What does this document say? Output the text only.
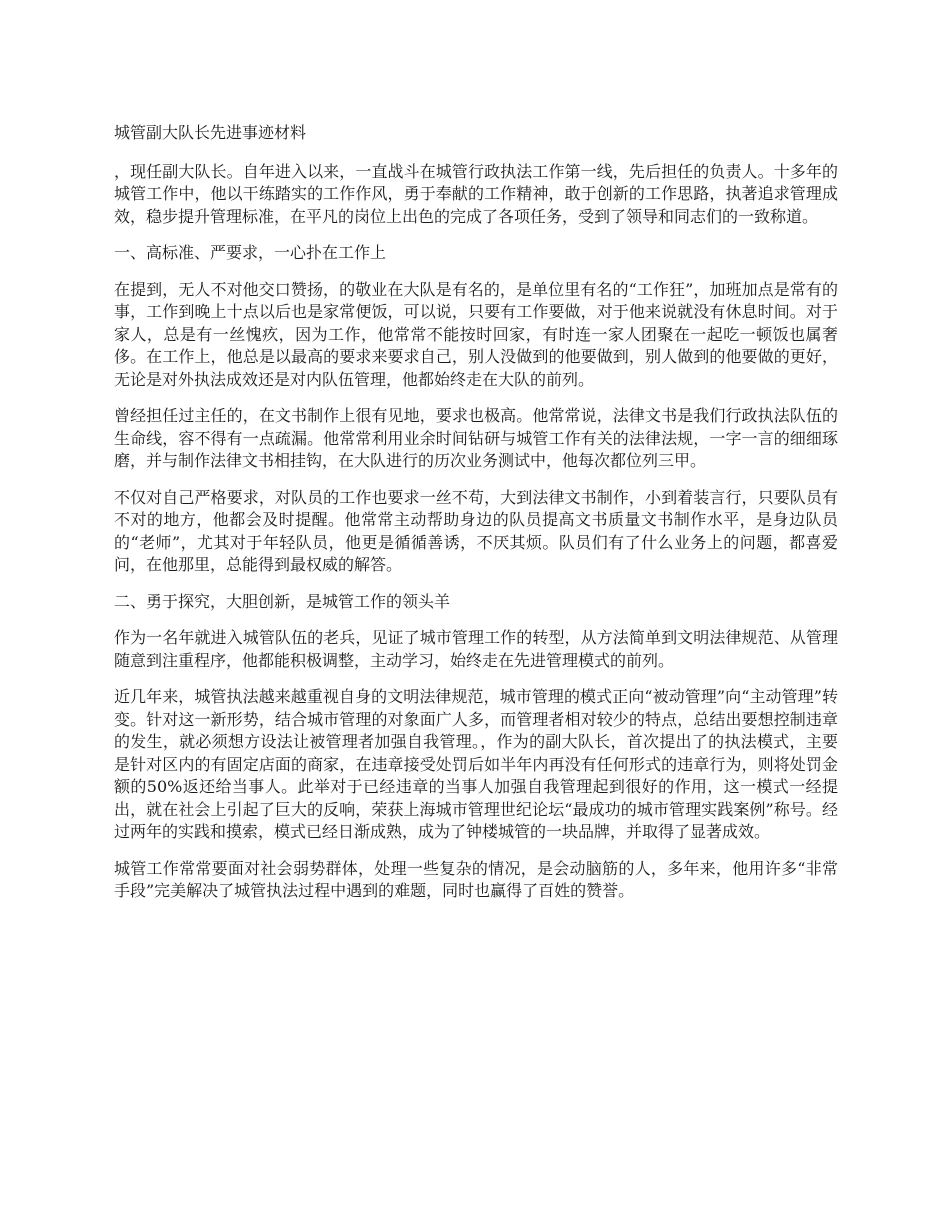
城管副大队长先进事迹材料

，现任副大队长。自年进入以来，一直战斗在城管行政执法工作第一线，先后担任的负责人。十多年的城管工作中，他以干练踏实的工作作风，勇于奉献的工作精神，敢于创新的工作思路，执著追求管理成效，稳步提升管理标准，在平凡的岗位上出色的完成了各项任务，受到了领导和同志们的一致称道。

一、高标准、严要求，一心扑在工作上

在提到，无人不对他交口赞扬，的敬业在大队是有名的，是单位里有名的“工作狂”，加班加点是常有的事，工作到晚上十点以后也是家常便饭，可以说，只要有工作要做，对于他来说就没有休息时间。对于家人，总是有一丝愧疚，因为工作，他常常不能按时回家，有时连一家人团聚在一起吃一顿饭也属奢侈。在工作上，他总是以最高的要求来要求自己，别人没做到的他要做到，别人做到的他要做的更好，无论是对外执法成效还是对内队伍管理，他都始终走在大队的前列。

曾经担任过主任的，在文书制作上很有见地，要求也极高。他常常说，法律文书是我们行政执法队伍的生命线，容不得有一点疏漏。他常常利用业余时间钻研与城管工作有关的法律法规，一字一言的细细琢磨，并与制作法律文书相挂钩，在大队进行的历次业务测试中，他每次都位列三甲。

不仅对自己严格要求，对队员的工作也要求一丝不苟，大到法律文书制作，小到着装言行，只要队员有不对的地方，他都会及时提醒。他常常主动帮助身边的队员提高文书质量文书制作水平，是身边队员的“老师”，尤其对于年轻队员，他更是循循善诱，不厌其烦。队员们有了什么业务上的问题，都喜爱问，在他那里，总能得到最权威的解答。

二、勇于探究，大胆创新，是城管工作的领头羊

作为一名年就进入城管队伍的老兵，见证了城市管理工作的转型，从方法简单到文明法律规范、从管理随意到注重程序，他都能积极调整，主动学习，始终走在先进管理模式的前列。

近几年来，城管执法越来越重视自身的文明法律规范，城市管理的模式正向“被动管理”向“主动管理”转变。针对这一新形势，结合城市管理的对象面广人多，而管理者相对较少的特点，总结出要想控制违章的发生，就必须想方设法让被管理者加强自我管理。，作为的副大队长，首次提出了的执法模式，主要是针对区内的有固定店面的商家，在违章接受处罚后如半年内再没有任何形式的违章行为，则将处罚金额的50%返还给当事人。此举对于已经违章的当事人加强自我管理起到很好的作用，这一模式一经提出，就在社会上引起了巨大的反响，荣获上海城市管理世纪论坛“最成功的城市管理实践案例”称号。经过两年的实践和摸索，模式已经日渐成熟，成为了钟楼城管的一块品牌，并取得了显著成效。

城管工作常常要面对社会弱势群体，处理一些复杂的情况，是会动脑筋的人，多年来，他用许多“非常手段”完美解决了城管执法过程中遇到的难题，同时也赢得了百姓的赞誉。
